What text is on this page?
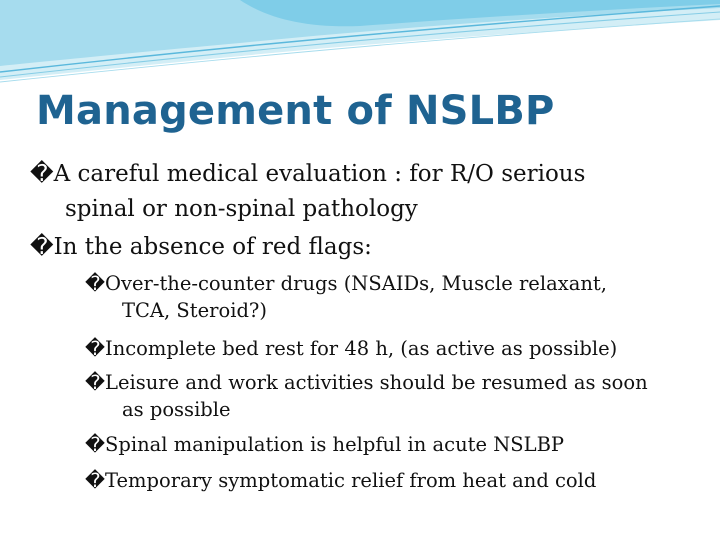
Management of NSLBP

�A careful medical evaluation : for R/O serious

spinal or non-spinal pathology

�In the absence of red flags:

�Over-the-counter drugs (NSAIDs, Muscle relaxant,

TCA, Steroid?)

�Incomplete bed rest for 48 h, (as active as possible)

�Leisure and work activities should be resumed as soon

as possible

�Spinal manipulation is helpful in acute NSLBP

�Temporary symptomatic relief from heat and cold
